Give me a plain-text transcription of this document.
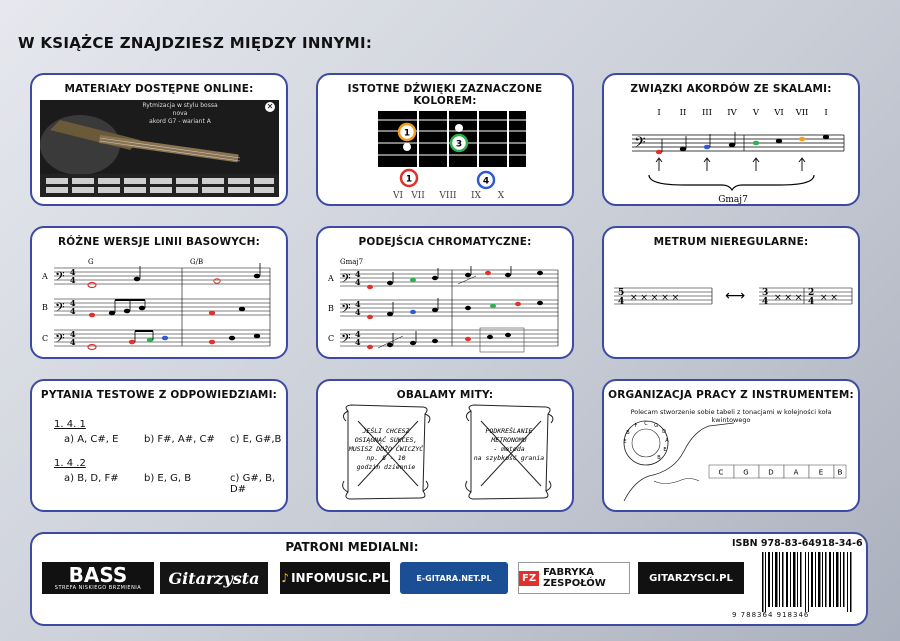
W KSIĄŻCE ZNAJDZIESZ MIĘDZY INNYMI:
MATERIAŁY DOSTĘPNE ONLINE:
Rytmizacja w stylu bossa nova
akord G7 - wariant A
✕
ISTOTNE DŹWIĘKI ZAZNACZONE KOLOREM:
1
3
1	4
VI VII VIII IX X
ZWIĄZKI AKORDÓW ZE SKALAMI:
I II III IV V VI VII I
𝄢
Gmaj7
RÓŻNE WERSJE LINII BASOWYCH:
G	G/B
A
B
C
𝄢
𝄢
𝄢
4
4
4
4
4
4
PODEJŚCIA CHROMATYCZNE:
Gmaj7
A
B
C
𝄢
𝄢
𝄢
4
4
4
4
4
4
METRUM NIEREGULARNE:
5
4
3
4
2
4
× × × × ×	× × × × ×
⟷
PYTANIA TESTOWE Z ODPOWIEDZIAMI:
1. 4. 1
a) A, C#, E	b) F#, A#, C# c) E, G#,B
1. 4 .2
a) B, D, F#	b) E, G, B	c) G#, B, D#
OBALAMY MITY:
JEŚLI CHCESZ
OSIĄGNĄĆ SUKCES,
MUSISZ DUŻO ĆWICZYĆ
np. 8 - 10
godzin dziennie
PODKREŚLANIE
METRONOMU
- metoda
na szybkość grania
ORGANIZACJA PRACY Z INSTRUMENTEM:
Polecam stworzenie sobie tabeli z tonacjami w kolejności koła kwintowego
C G
D
A
E
B
F
B
E
C	G	D	A	E B
PATRONI MEDIALNI:
BASS
STREFA NISKIEGO BRZMIENIA
Gitarzysta ♪ INFOMUSIC.PL	E-GITARA.NET.PL	FZ FABRYKA ZESPOŁÓW	GITARZYSCI.PL
ISBN 978-83-64918-34-6
9 788364 918346
